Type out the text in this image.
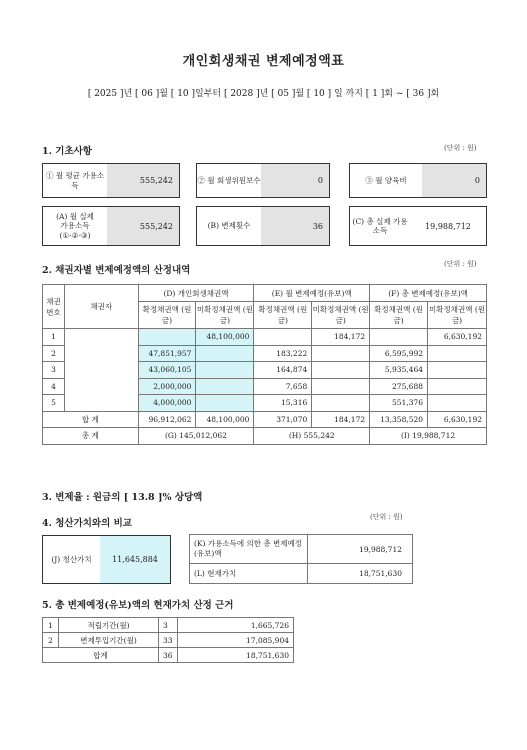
개인회생채권 변제예정액표
[ 2025 ]년 [ 06 ]월 [ 10 ]일부터 [ 2028 ]년 [ 05 ]월 [ 10 ] 일 까지 [ 1 ]회 ~ [ 36 ]회
1. 기초사항	(단위 : 원)
① 월 평균 가용소득	555,242	② 월 회생위원보수	0	③ 월 양육비	0
(A) 월 실제
가용소득
(①-②-③)
555,242	(B) 변제횟수	36
(C) 총 실제 가용소득	19,988,712
2. 채권자별 변제예정액의 산정내역
(단위 : 원)
채권 번호	채권자	(D) 개인회생채권액		(E) 월 변제예정(유보)액		(F) 총 변제예정(유보)액	
		확정채권액 (원금)	미확정채권액 (원금)	확정채권액 (원금)	미확정채권액 (원금)	확정채권액 (원금)	미확정채권액 (원금)
1			48,100,000		184,172		6,630,192
2		47,851,957		183,222		6,595,992	
3		43,060,105		164,874		5,935,464	
4		2,000,000		7,658		275,688	
5		4,000,000		15,316		551,376	
합 계		96,912,062	48,100,000	371,070	184,172	13,358,520	6,630,192
총 계		(G) 145,012,062		(H) 555,242		(I) 19,988,712	
3. 변제율 : 원금의 [ 13.8 ]% 상당액
4. 청산가치와의 비교
(단위 : 원)
(J) 청산가치	11,645,884
(K) 가용소득에 의한 총 변제예정(유보)액	19,988,712
(L) 현재가치	18,751,630
5. 총 변제예정(유보)액의 현재가치 산정 근거
1	적립기간(월)	3	1,665,726
2	변제투입기간(월)	33	17,085,904
합계		36	18,751,630
